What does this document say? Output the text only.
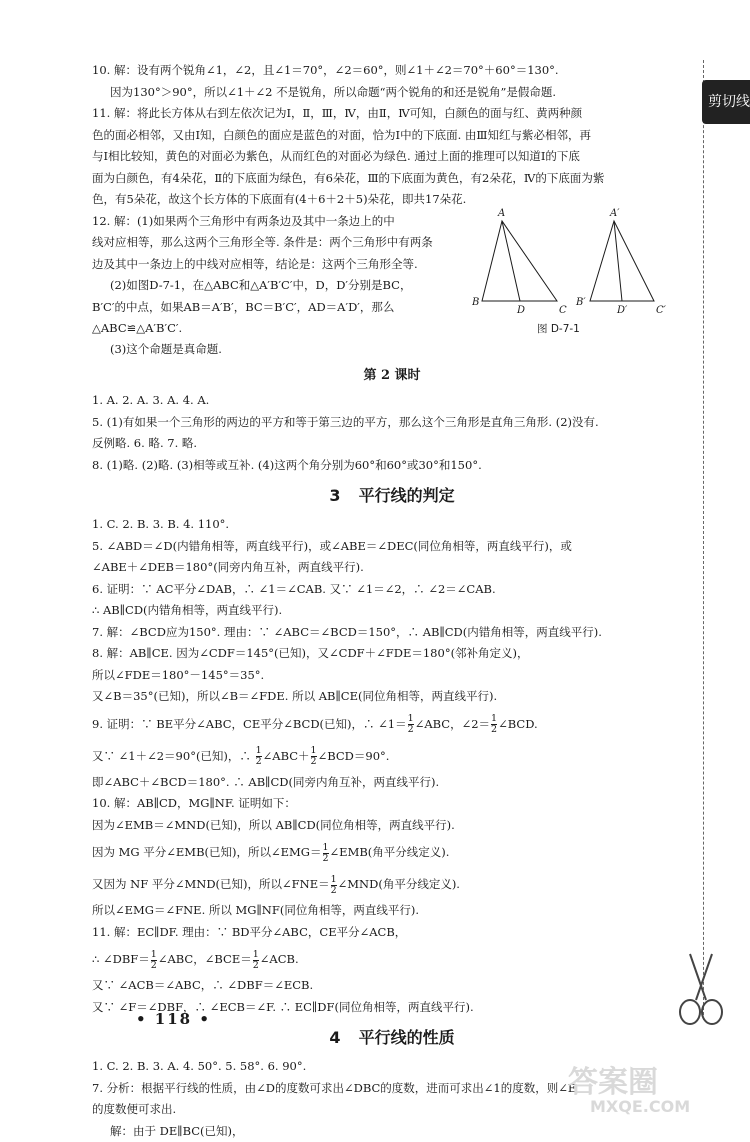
剪切线
10. 解：设有两个锐角∠1，∠2，且∠1＝70°，∠2＝60°，则∠1＋∠2＝70°＋60°＝130°.
因为130°＞90°，所以∠1＋∠2 不是锐角，所以命题“两个锐角的和还是锐角”是假命题.
11. 解：将此长方体从右到左依次记为Ⅰ，Ⅱ，Ⅲ，Ⅳ，由Ⅱ，Ⅳ可知，白颜色的面与红、黄两种颜
色的面必相邻，又由Ⅰ知，白颜色的面应是蓝色的对面，恰为Ⅰ中的下底面. 由Ⅲ知红与紫必相邻，再
与Ⅰ相比较知，黄色的对面必为紫色，从而红色的对面必为绿色. 通过上面的推理可以知道Ⅰ的下底
面为白颜色，有4朵花，Ⅱ的下底面为绿色，有6朵花，Ⅲ的下底面为黄色，有2朵花，Ⅳ的下底面为紫
色，有5朵花，故这个长方体的下底面有(4＋6＋2＋5)朵花，即共17朵花.
12. 解：(1)如果两个三角形中有两条边及其中一条边上的中
线对应相等，那么这两个三角形全等. 条件是：两个三角形中有两条
边及其中一条边上的中线对应相等，结论是：这两个三角形全等.
(2)如图D-7-1，在△ABC和△A′B′C′中，D，D′分别是BC，
B′C′的中点，如果AB＝A′B′，BC＝B′C′，AD＝A′D′，那么
△ABC≌△A′B′C′.
A
B
D	C
A′
B′
D′	C′
图 D-7-1
(3)这个命题是真命题.
第 2 课时
1. A. 2. A. 3. A. 4. A.
5. (1)有如果一个三角形的两边的平方和等于第三边的平方，那么这个三角形是直角三角形. (2)没有.
反例略. 6. 略. 7. 略.
8. (1)略. (2)略. (3)相等或互补. (4)这两个角分别为60°和60°或30°和150°.
3 平行线的判定
1. C. 2. B. 3. B. 4. 110°.
5. ∠ABD＝∠D(内错角相等，两直线平行)，或∠ABE＝∠DEC(同位角相等，两直线平行)，或
∠ABE＋∠DEB＝180°(同旁内角互补，两直线平行).
6. 证明：∵ AC平分∠DAB，∴ ∠1＝∠CAB. 又∵ ∠1＝∠2，∴ ∠2＝∠CAB.
∴ AB∥CD(内错角相等，两直线平行).
7. 解：∠BCD应为150°. 理由：∵ ∠ABC＝∠BCD＝150°，∴ AB∥CD(内错角相等，两直线平行).
8. 解：AB∥CE. 因为∠CDF＝145°(已知)，又∠CDF＋∠FDE＝180°(邻补角定义)，
所以∠FDE＝180°－145°＝35°.
又∠B＝35°(已知)，所以∠B＝∠FDE. 所以 AB∥CE(同位角相等，两直线平行).
9. 证明：∵ BE平分∠ABC，CE平分∠BCD(已知)，∴ ∠1＝ $\frac{1}{2}$ ∠ABC，∠2＝ $\frac{1}{2}$ ∠BCD.
又∵ ∠1＋∠2＝90°(已知)，∴ $\frac{1}{2}$ ∠ABC＋ $\frac{1}{2}$ ∠BCD＝90°.
即∠ABC＋∠BCD＝180°. ∴ AB∥CD(同旁内角互补，两直线平行).
10. 解：AB∥CD，MG∥NF. 证明如下：
因为∠EMB＝∠MND(已知)，所以 AB∥CD(同位角相等，两直线平行).
因为 MG 平分∠EMB(已知)，所以∠EMG＝ $\frac{1}{2}$ ∠EMB(角平分线定义).
又因为 NF 平分∠MND(已知)，所以∠FNE＝ $\frac{1}{2}$ ∠MND(角平分线定义).
所以∠EMG＝∠FNE. 所以 MG∥NF(同位角相等，两直线平行).
11. 解：EC∥DF. 理由：∵ BD平分∠ABC，CE平分∠ACB，
∴ ∠DBF＝ $\frac{1}{2}$ ∠ABC，∠BCE＝ $\frac{1}{2}$ ∠ACB.
又∵ ∠ACB＝∠ABC，∴ ∠DBF＝∠ECB.
又∵ ∠F＝∠DBF，∴ ∠ECB＝∠F. ∴ EC∥DF(同位角相等，两直线平行).
4 平行线的性质
1. C. 2. B. 3. A. 4. 50°. 5. 58°. 6. 90°.
7. 分析：根据平行线的性质，由∠D的度数可求出∠DBC的度数，进而可求出∠1的度数，则∠E
的度数便可求出.
解：由于 DE∥BC(已知)，
• 118 •
答案圈
MXQE.COM
